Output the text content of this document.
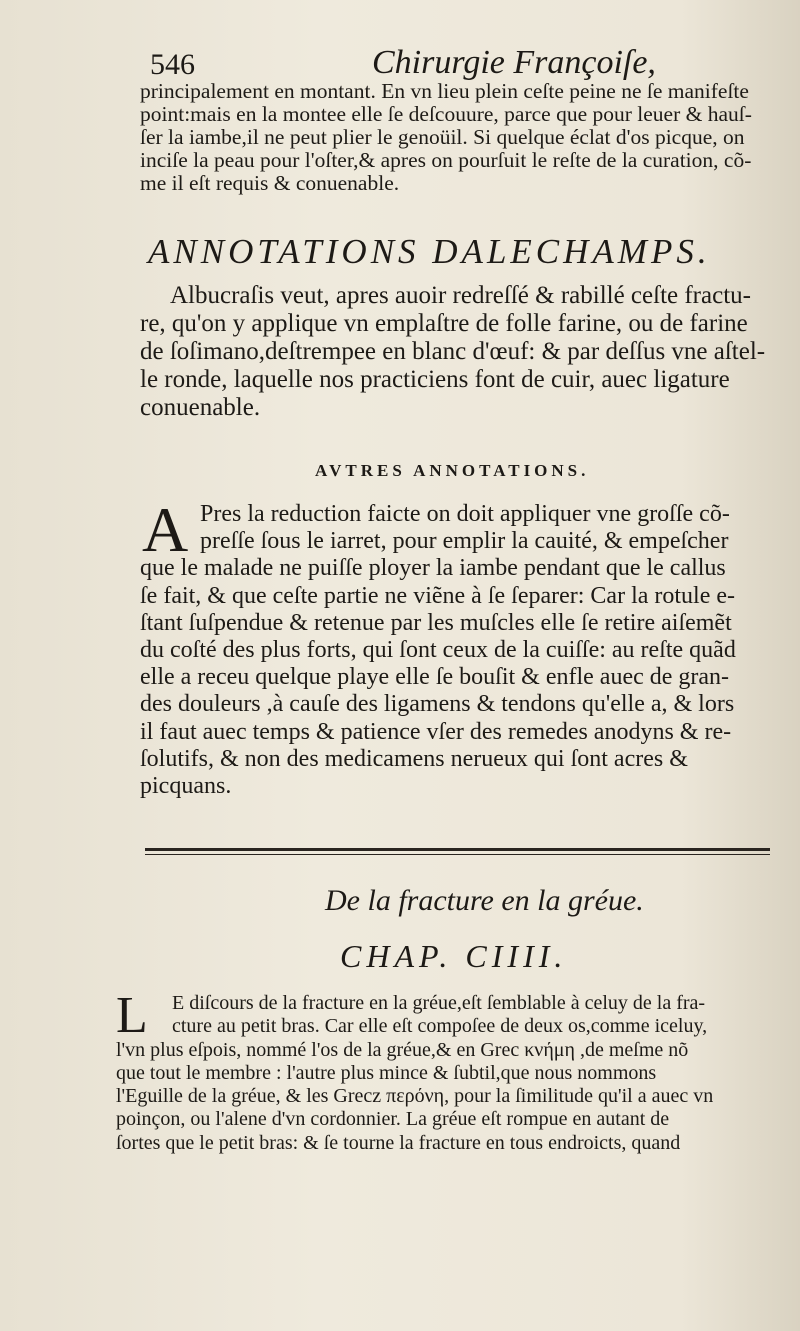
546	Chirurgie Françoiſe,
principalement en montant. En vn lieu plein ceſte peine ne ſe manifeſte
point:mais en la montee elle ſe deſcouure, parce que pour leuer & hauſ-
ſer la iambe,il ne peut plier le genoüil. Si quelque éclat d'os picque, on
inciſe la peau pour l'oſter,& apres on pourſuit le reſte de la curation, cõ-
me il eſt requis & conuenable.
ANNOTATIONS DALECHAMPS.
Albucraſis veut, apres auoir redreſſé & rabillé ceſte fractu-
re, qu'on y applique vn emplaſtre de folle farine, ou de farine
de ſoſimano,deſtrempee en blanc d'œuf: & par deſſus vne aſtel-
le ronde, laquelle nos practiciens font de cuir, auec ligature
conuenable.
AVTRES ANNOTATIONS.
A Pres la reduction faicte on doit appliquer vne groſſe cõ-
preſſe ſous le iarret, pour emplir la cauité, & empeſcher
que le malade ne puiſſe ployer la iambe pendant que le callus
ſe fait, & que ceſte partie ne viẽne à ſe ſeparer: Car la rotule e-
ſtant ſuſpendue & retenue par les muſcles elle ſe retire aiſemẽt
du coſté des plus forts, qui ſont ceux de la cuiſſe: au reſte quãd
elle a receu quelque playe elle ſe bouſit & enfle auec de gran-
des douleurs ,à cauſe des ligamens & tendons qu'elle a, & lors
il faut auec temps & patience vſer des remedes anodyns & re-
ſolutifs, & non des medicamens nerueux qui ſont acres &
picquans.
De la fracture en la gréue.
CHAP. CIIII.
L	E diſcours de la fracture en la gréue,eſt ſemblable à celuy de la fra-
cture au petit bras. Car elle eſt compoſee de deux os,comme iceluy,
l'vn plus eſpois, nommé l'os de la gréue,& en Grec κνήμη ,de meſme nõ
que tout le membre : l'autre plus mince & ſubtil,que nous nommons
l'Eguille de la gréue, & les Grecz περόνη, pour la ſimilitude qu'il a auec vn
poinçon, ou l'alene d'vn cordonnier. La gréue eſt rompue en autant de
ſortes que le petit bras: & ſe tourne la fracture en tous endroicts, quand
